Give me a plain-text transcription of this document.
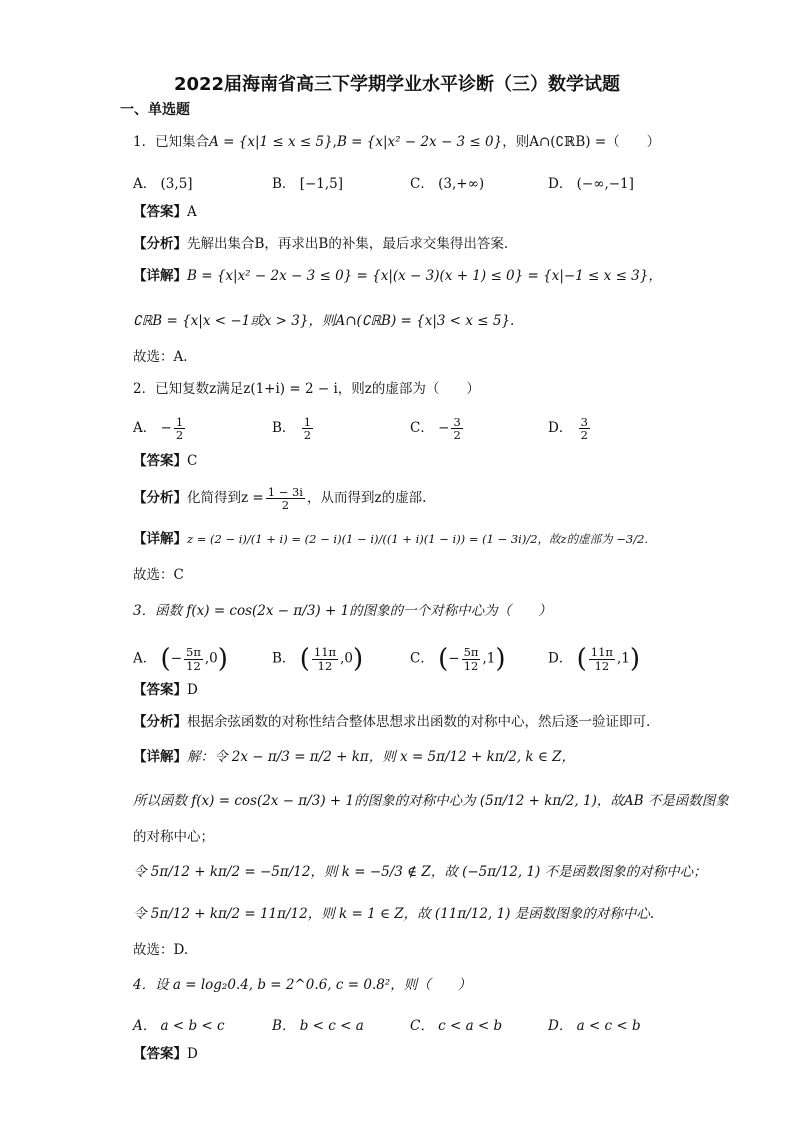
2022届海南省高三下学期学业水平诊断（三）数学试题
一、单选题
1．已知集合A = {x|1 ≤ x ≤ 5},B = {x|x² − 2x − 3 ≤ 0}，则A∩(∁ℝB) =（　　）
A． (3,5]	B． [−1,5]	C． (3,+∞)	D． (−∞,−1]
【答案】A
【分析】先解出集合B，再求出B的补集，最后求交集得出答案.
【详解】B = {x|x² − 2x − 3 ≤ 0} = {x|(x − 3)(x + 1) ≤ 0} = {x|−1 ≤ x ≤ 3}，
∁ℝB = {x|x < −1或x > 3}，则A∩(∁ℝB) = {x|3 < x ≤ 5}.
故选：A.
2．已知复数z满足z(1+i) = 2 − i，则z的虚部为（　　）
A． − $\frac{1}{2}$	B． $\frac{1}{2}$	C． − $\frac{3}{2}$	D． $\frac{3}{2}$
【答案】C
【分析】化简得到$z = \frac{1 - 3i}{2}$ ，从而得到z的虚部.
【详解】z = (2 − i)/(1 + i) = (2 − i)(1 − i)/((1 + i)(1 − i)) = (1 − 3i)/2，故z的虚部为 −3/2.
故选：C
3．函数 f(x) = cos(2x − π/3) + 1的图象的一个对称中心为（　　）
A． (− $\frac{5\pi}{12} ,0$)	B． ( $\frac{11\pi}{12} ,0$)	C． (− $\frac{5\pi}{12} ,1$)	D． ( $\frac{11\pi}{12} ,1$)
【答案】D
【分析】根据余弦函数的对称性结合整体思想求出函数的对称中心，然后逐一验证即可.
【详解】解：令 2x − π/3 = π/2 + kπ，则 x = 5π/12 + kπ/2, k ∈ Z，
所以函数 f(x) = cos(2x − π/3) + 1的图象的对称中心为 (5π/12 + kπ/2, 1)，故AB 不是函数图象
的对称中心；
令 5π/12 + kπ/2 = −5π/12，则 k = −5/3 ∉ Z，故 (−5π/12, 1) 不是函数图象的对称中心；
令 5π/12 + kπ/2 = 11π/12，则 k = 1 ∈ Z，故 (11π/12, 1) 是函数图象的对称中心.
故选：D.
4．设 a = log₂0.4, b = 2^0.6, c = 0.8²，则（　　）
A． a < b < c	B． b < c < a	C． c < a < b	D． a < c < b
【答案】D
